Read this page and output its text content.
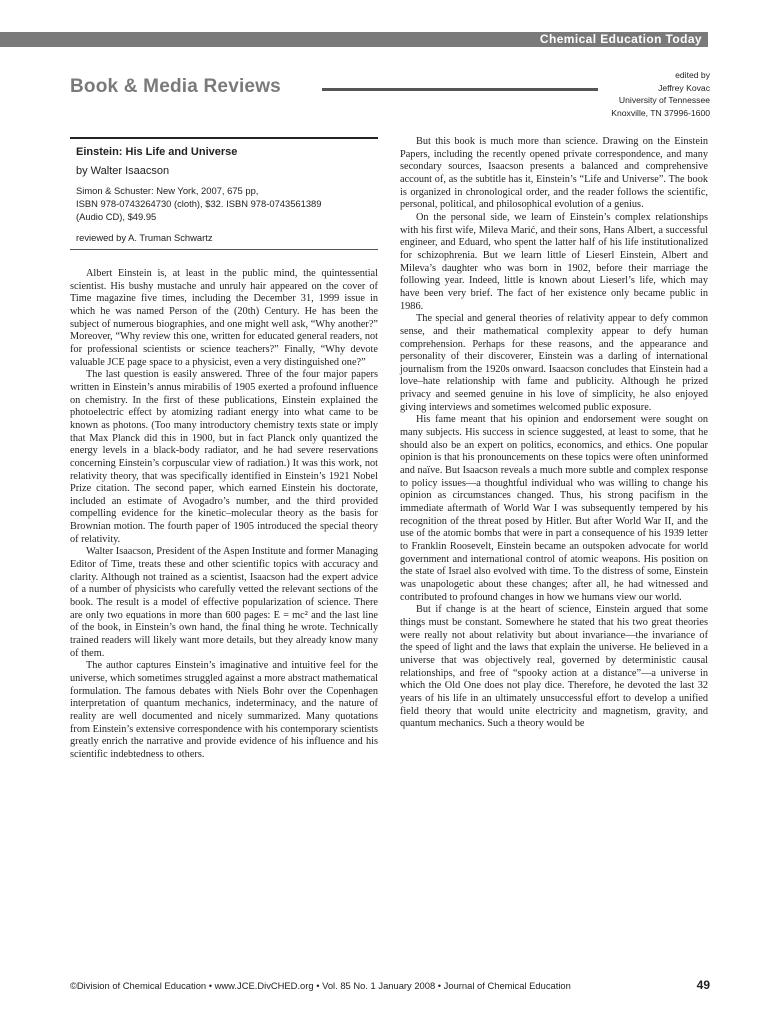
Chemical Education Today
Book & Media Reviews
edited by
Jeffrey Kovac
University of Tennessee
Knoxville, TN 37996-1600
Einstein: His Life and Universe
by Walter Isaacson
Simon & Schuster: New York, 2007, 675 pp,
ISBN 978-0743264730 (cloth), $32. ISBN 978-0743561389
(Audio CD), $49.95
reviewed by A. Truman Schwartz

Albert Einstein is, at least in the public mind, the quintessential scientist. His bushy mustache and unruly hair appeared on the cover of Time magazine five times, including the December 31, 1999 issue in which he was named Person of the (20th) Century. He has been the subject of numerous biographies, and one might well ask, “Why another?” Moreover, “Why review this one, written for educated general readers, not for professional scientists or science teachers?” Finally, “Why devote valuable JCE page space to a physicist, even a very distinguished one?”

The last question is easily answered. Three of the four major papers written in Einstein’s annus mirabilis of 1905 exerted a profound influence on chemistry. In the first of these publications, Einstein explained the photoelectric effect by atomizing radiant energy into what came to be known as photons. (Too many introductory chemistry texts state or imply that Max Planck did this in 1900, but in fact Planck only quantized the energy levels in a black-body radiator, and he had severe reservations concerning Einstein’s corpuscular view of radiation.) It was this work, not relativity theory, that was specifically identified in Einstein’s 1921 Nobel Prize citation. The second paper, which earned Einstein his doctorate, included an estimate of Avogadro’s number, and the third provided compelling evidence for the kinetic–molecular theory as the basis for Brownian motion. The fourth paper of 1905 introduced the special theory of relativity.

Walter Isaacson, President of the Aspen Institute and former Managing Editor of Time, treats these and other scientific topics with accuracy and clarity. Although not trained as a scientist, Isaacson had the expert advice of a number of physicists who carefully vetted the relevant sections of the book. The result is a model of effective popularization of science. There are only two equations in more than 600 pages: E = mc² and the last line of the book, in Einstein’s own hand, the final thing he wrote. Technically trained readers will likely want more details, but they already know many of them.

The author captures Einstein’s imaginative and intuitive feel for the universe, which sometimes struggled against a more abstract mathematical formulation. The famous debates with Niels Bohr over the Copenhagen interpretation of quantum mechanics, indeterminacy, and the nature of reality are well documented and nicely summarized. Many quotations from Einstein’s extensive correspondence with his contemporary scientists greatly enrich the narrative and provide evidence of his influence and his scientific indebtedness to others.

But this book is much more than science. Drawing on the Einstein Papers, including the recently opened private correspondence, and many secondary sources, Isaacson presents a balanced and comprehensive account of, as the subtitle has it, Einstein’s “Life and Universe”. The book is organized in chronological order, and the reader follows the scientific, personal, political, and philosophical evolution of a genius.

On the personal side, we learn of Einstein’s complex relationships with his first wife, Mileva Marić, and their sons, Hans Albert, a successful engineer, and Eduard, who spent the latter half of his life institutionalized for schizophrenia. But we learn little of Lieserl Einstein, Albert and Mileva’s daughter who was born in 1902, before their marriage the following year. Indeed, little is known about Lieserl’s life, which may have been very brief. The fact of her existence only became public in 1986.

The special and general theories of relativity appear to defy common sense, and their mathematical complexity appear to defy human comprehension. Perhaps for these reasons, and the appearance and personality of their discoverer, Einstein was a darling of international journalism from the 1920s onward. Isaacson concludes that Einstein had a love–hate relationship with fame and publicity. Although he prized privacy and seemed genuine in his love of simplicity, he also enjoyed giving interviews and sometimes welcomed public exposure.

His fame meant that his opinion and endorsement were sought on many subjects. His success in science suggested, at least to some, that he should also be an expert on politics, economics, and ethics. One popular opinion is that his pronouncements on these topics were often uninformed and naïve. But Isaacson reveals a much more subtle and complex response to policy issues—a thoughtful individual who was willing to change his opinion as circumstances changed. Thus, his strong pacifism in the immediate aftermath of World War I was subsequently tempered by his recognition of the threat posed by Hitler. But after World War II, and the use of the atomic bombs that were in part a consequence of his 1939 letter to Franklin Roosevelt, Einstein became an outspoken advocate for world government and international control of atomic weapons. His position on the state of Israel also evolved with time. To the distress of some, Einstein was unapologetic about these changes; after all, he had witnessed and contributed to profound changes in how we humans view our world.

But if change is at the heart of science, Einstein argued that some things must be constant. Somewhere he stated that his two great theories were really not about relativity but about invariance—the invariance of the speed of light and the laws that explain the universe. He believed in a universe that was objectively real, governed by deterministic causal relationships, and free of “spooky action at a distance”—a universe in which the Old One does not play dice. Therefore, he devoted the last 32 years of his life in an ultimately unsuccessful effort to develop a unified field theory that would unite electricity and magnetism, gravity, and quantum mechanics. Such a theory would be

©Division of Chemical Education • www.JCE.DivCHED.org • Vol. 85 No. 1 January 2008 • Journal of Chemical Education	49
